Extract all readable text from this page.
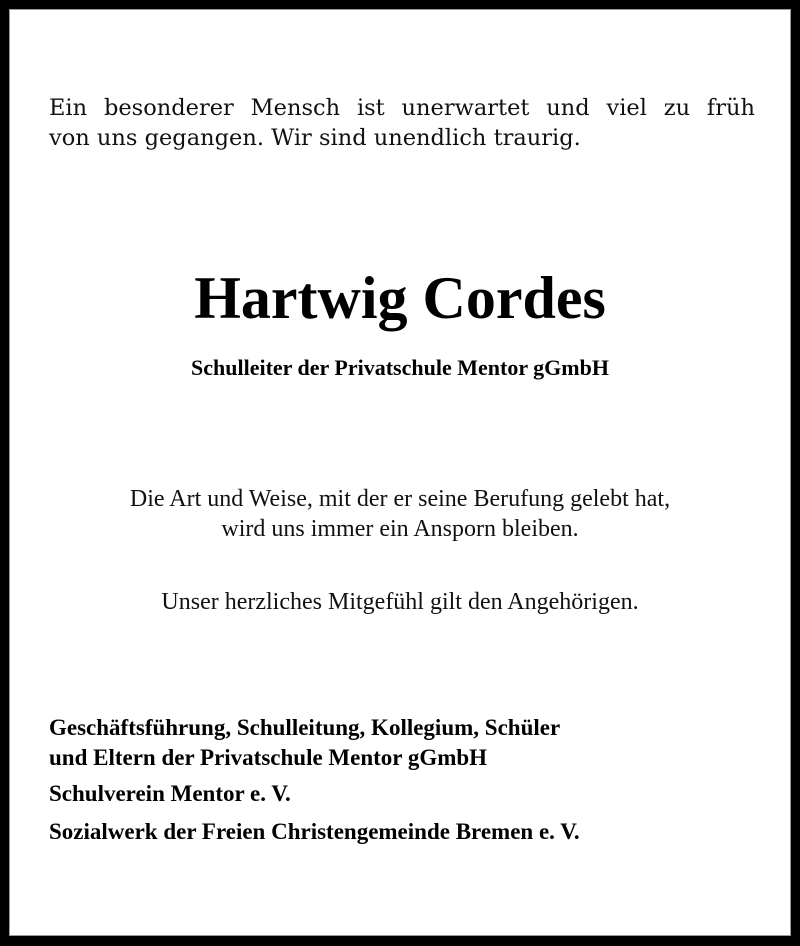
Ein besonderer Mensch ist unerwartet und viel zu früh
von uns gegangen. Wir sind unendlich traurig.
Hartwig Cordes
Schulleiter der Privatschule Mentor gGmbH
Die Art und Weise, mit der er seine Berufung gelebt hat,
wird uns immer ein Ansporn bleiben.
Unser herzliches Mitgefühl gilt den Angehörigen.
Geschäftsführung, Schulleitung, Kollegium, Schüler
und Eltern der Privatschule Mentor gGmbH
Schulverein Mentor e. V.
Sozialwerk der Freien Christengemeinde Bremen e. V.
